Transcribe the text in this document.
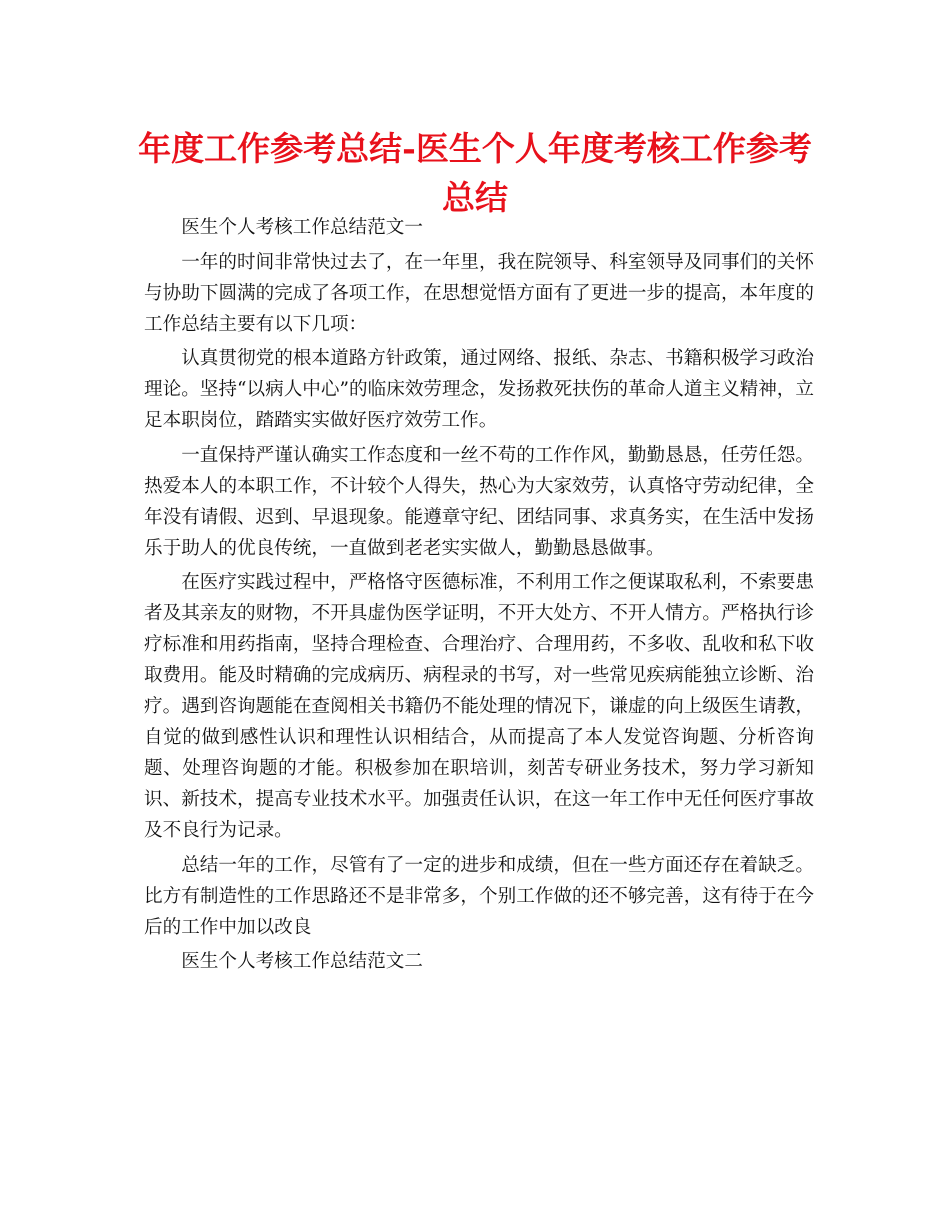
年度工作参考总结-医生个人年度考核工作参考总结

医生个人考核工作总结范文一

一年的时间非常快过去了，在一年里，我在院领导、科室领导及同事们的关怀与协助下圆满的完成了各项工作，在思想觉悟方面有了更进一步的提高，本年度的工作总结主要有以下几项：

认真贯彻党的根本道路方针政策，通过网络、报纸、杂志、书籍积极学习政治理论。坚持“以病人中心”的临床效劳理念，发扬救死扶伤的革命人道主义精神，立足本职岗位，踏踏实实做好医疗效劳工作。

一直保持严谨认确实工作态度和一丝不苟的工作作风，勤勤恳恳，任劳任怨。热爱本人的本职工作，不计较个人得失，热心为大家效劳，认真恪守劳动纪律，全年没有请假、迟到、早退现象。能遵章守纪、团结同事、求真务实，在生活中发扬乐于助人的优良传统，一直做到老老实实做人，勤勤恳恳做事。

在医疗实践过程中，严格恪守医德标准，不利用工作之便谋取私利，不索要患者及其亲友的财物，不开具虚伪医学证明，不开大处方、不开人情方。严格执行诊疗标准和用药指南，坚持合理检查、合理治疗、合理用药，不多收、乱收和私下收取费用。能及时精确的完成病历、病程录的书写，对一些常见疾病能独立诊断、治疗。遇到咨询题能在查阅相关书籍仍不能处理的情况下，谦虚的向上级医生请教，自觉的做到感性认识和理性认识相结合，从而提高了本人发觉咨询题、分析咨询题、处理咨询题的才能。积极参加在职培训，刻苦专研业务技术，努力学习新知识、新技术，提高专业技术水平。加强责任认识，在这一年工作中无任何医疗事故及不良行为记录。

总结一年的工作，尽管有了一定的进步和成绩，但在一些方面还存在着缺乏。比方有制造性的工作思路还不是非常多，个别工作做的还不够完善，这有待于在今后的工作中加以改良

医生个人考核工作总结范文二
